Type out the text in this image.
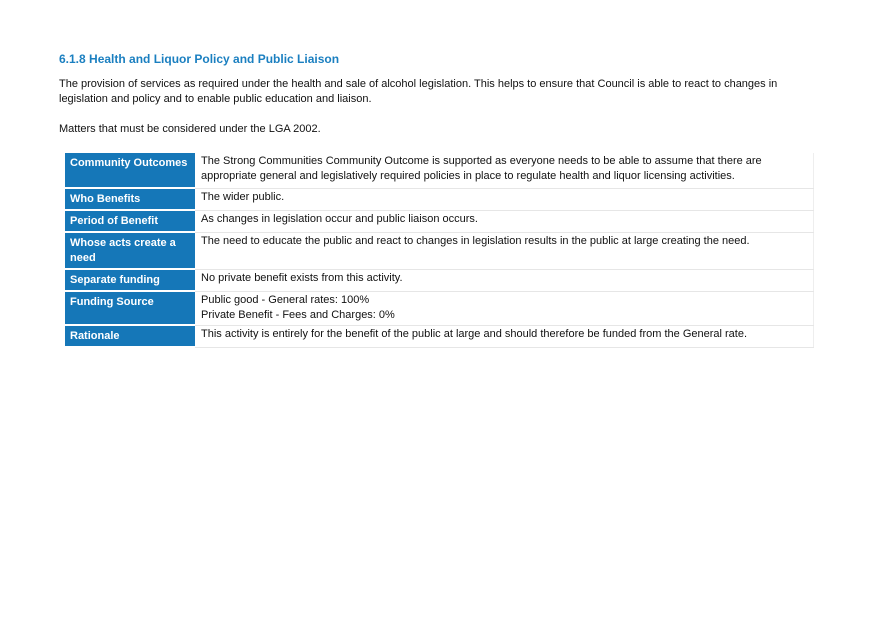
6.1.8 Health and Liquor Policy and Public Liaison

The provision of services as required under the health and sale of alcohol legislation. This helps to ensure that Council is able to react to changes in legislation and policy and to enable public education and liaison.

Matters that must be considered under the LGA 2002.

Community Outcomes	The Strong Communities Community Outcome is supported as everyone needs to be able to assume that there are appropriate general and legislatively required policies in place to regulate health and liquor licensing activities.
Who Benefits	The wider public.
Period of Benefit	As changes in legislation occur and public liaison occurs.
Whose acts create a need	The need to educate the public and react to changes in legislation results in the public at large creating the need.
Separate funding	No private benefit exists from this activity.
Funding Source	Public good - General rates: 100%
Private Benefit - Fees and Charges: 0%

Rationale	This activity is entirely for the benefit of the public at large and should therefore be funded from the General rate.
